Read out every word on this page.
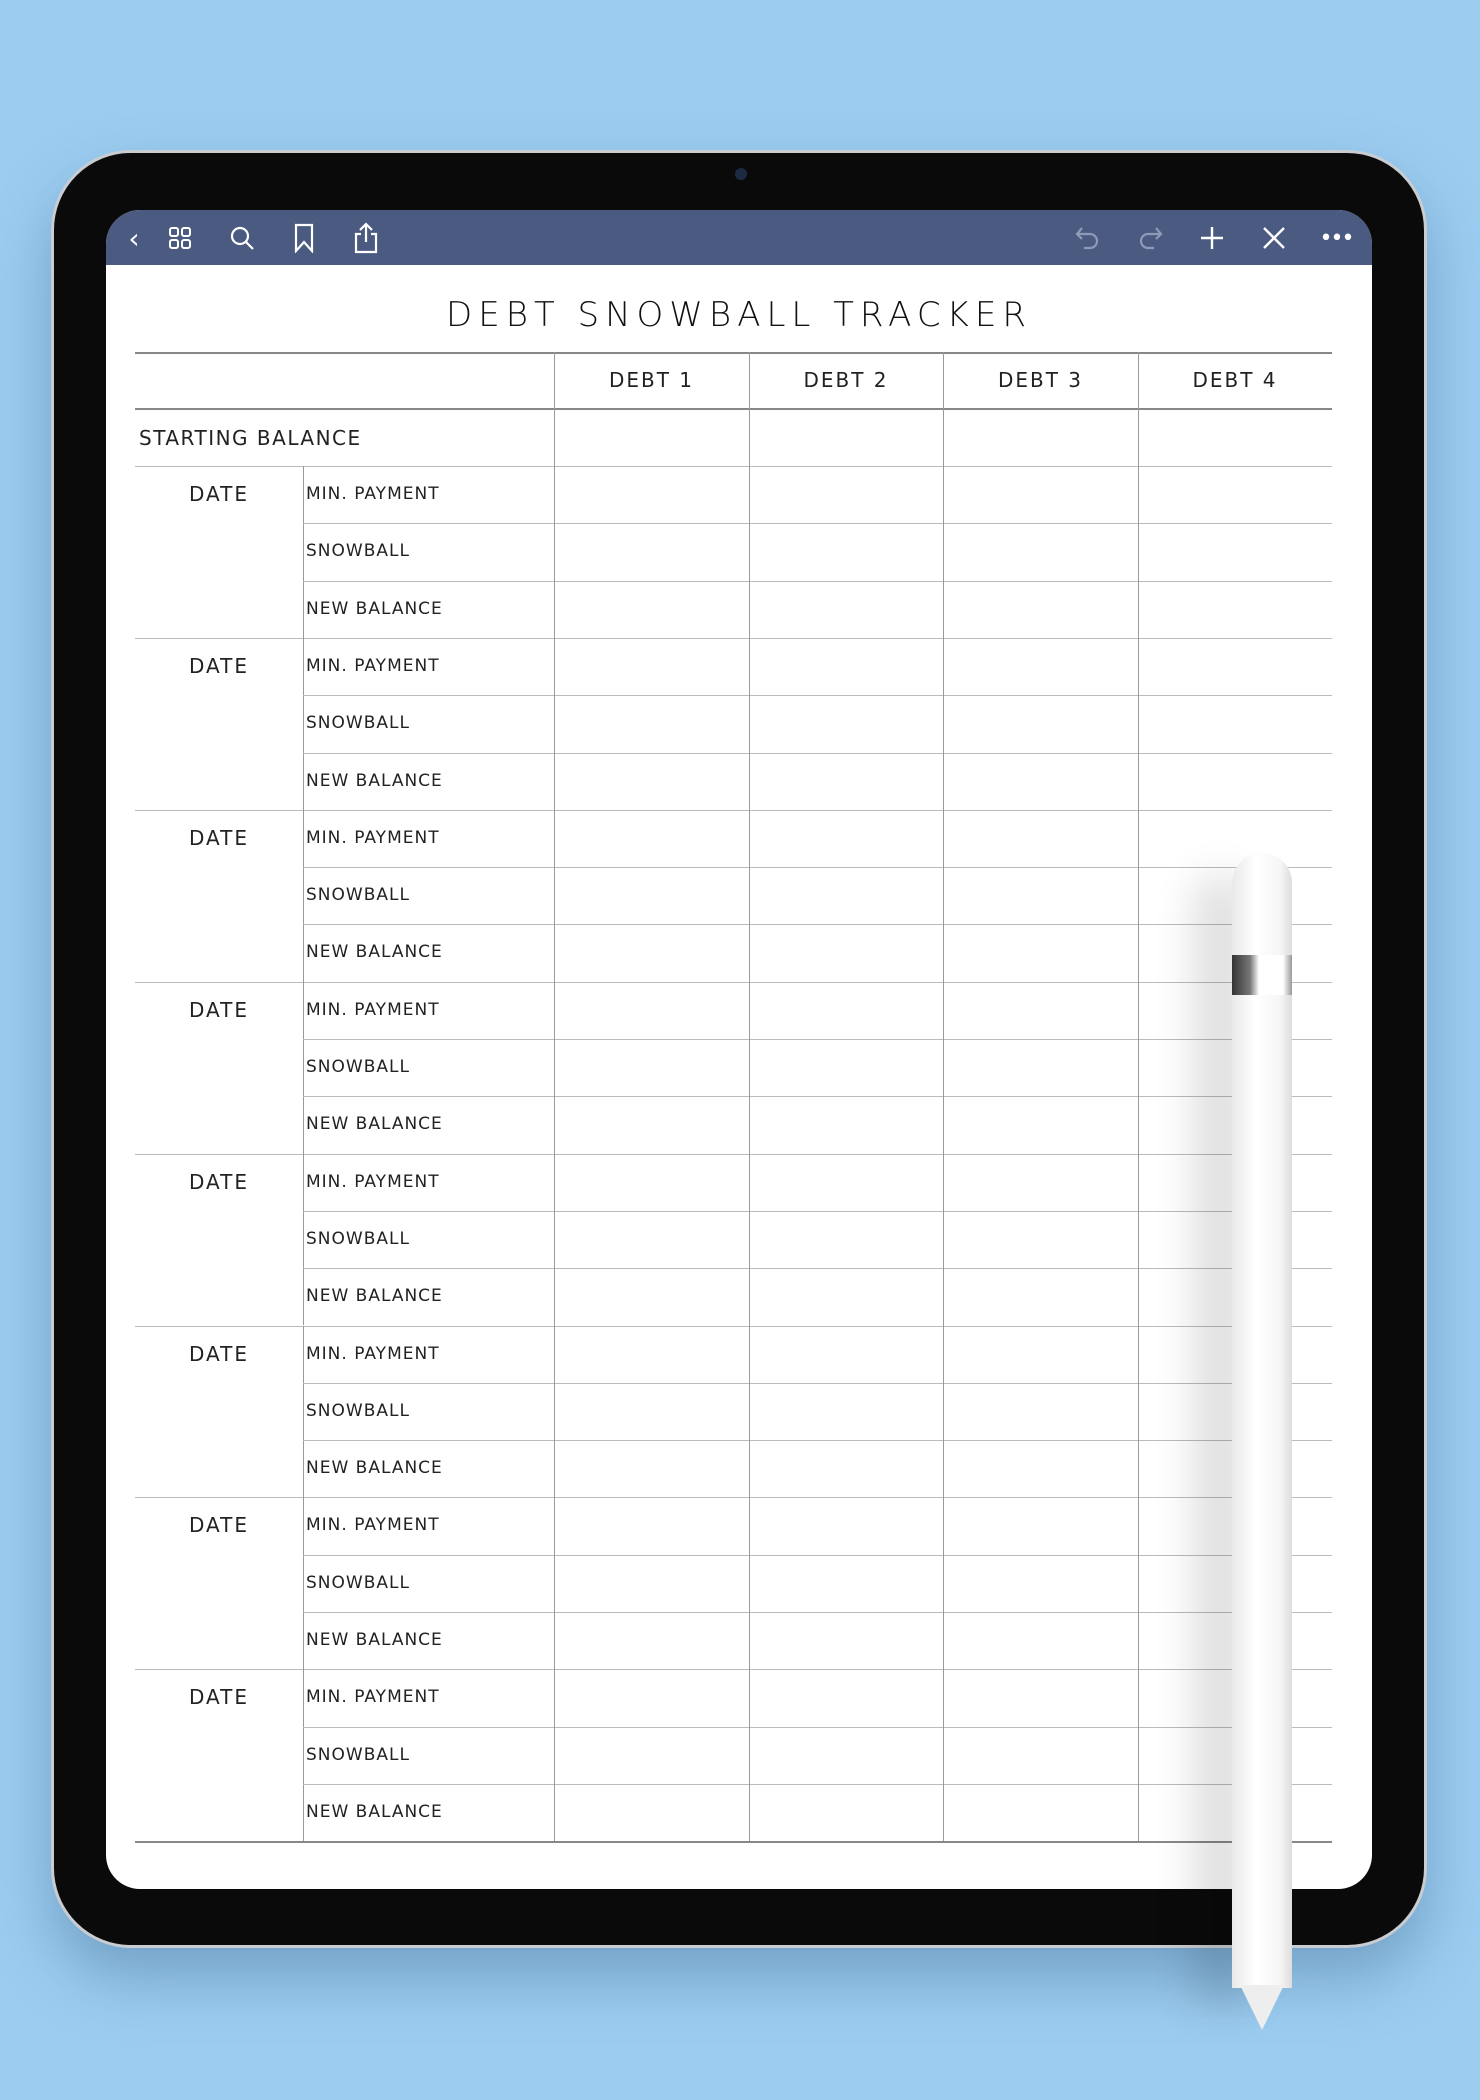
‹	•••
DEBT SNOWBALL TRACKER
DEBT 1	DEBT 2	DEBT 3	DEBT 4
STARTING BALANCE
DATE	MIN. PAYMENT
SNOWBALL
NEW BALANCE
DATE	MIN. PAYMENT
SNOWBALL
NEW BALANCE
DATE	MIN. PAYMENT
SNOWBALL
NEW BALANCE
DATE	MIN. PAYMENT
SNOWBALL
NEW BALANCE
DATE	MIN. PAYMENT
SNOWBALL
NEW BALANCE
DATE	MIN. PAYMENT
SNOWBALL
NEW BALANCE
DATE	MIN. PAYMENT
SNOWBALL
NEW BALANCE
DATE	MIN. PAYMENT
SNOWBALL
NEW BALANCE
